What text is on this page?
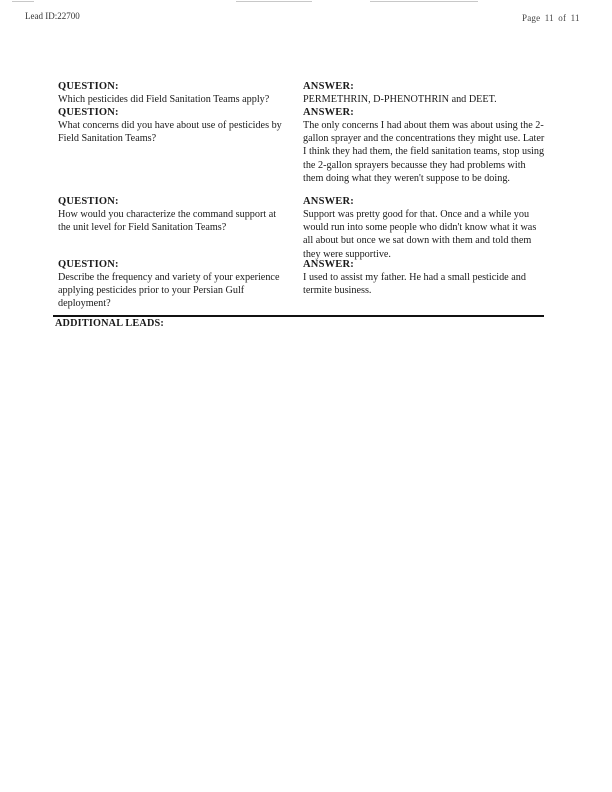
Lead ID:22700	Page 11 of 11
QUESTION:
Which pesticides did Field Sanitation Teams apply?
ANSWER:
PERMETHRIN, D-PHENOTHRIN and DEET.
QUESTION:
What concerns did you have about use of pesticides by Field Sanitation Teams?
ANSWER:
The only concerns I had about them was about using the 2-gallon sprayer and the concentrations they might use. Later I think they had them, the field sanitation teams, stop using the 2-gallon sprayers becausse they had problems with them doing what they weren't suppose to be doing.
QUESTION:
How would you characterize the command support at the unit level for Field Sanitation Teams?
ANSWER:
Support was pretty good for that. Once and a while you would run into some people who didn't know what it was all about but once we sat down with them and told them they were supportive.
QUESTION:
Describe the frequency and variety of your experience applying pesticides prior to your Persian Gulf deployment?
ANSWER:
I used to assist my father. He had a small pesticide and termite business.
ADDITIONAL LEADS:
